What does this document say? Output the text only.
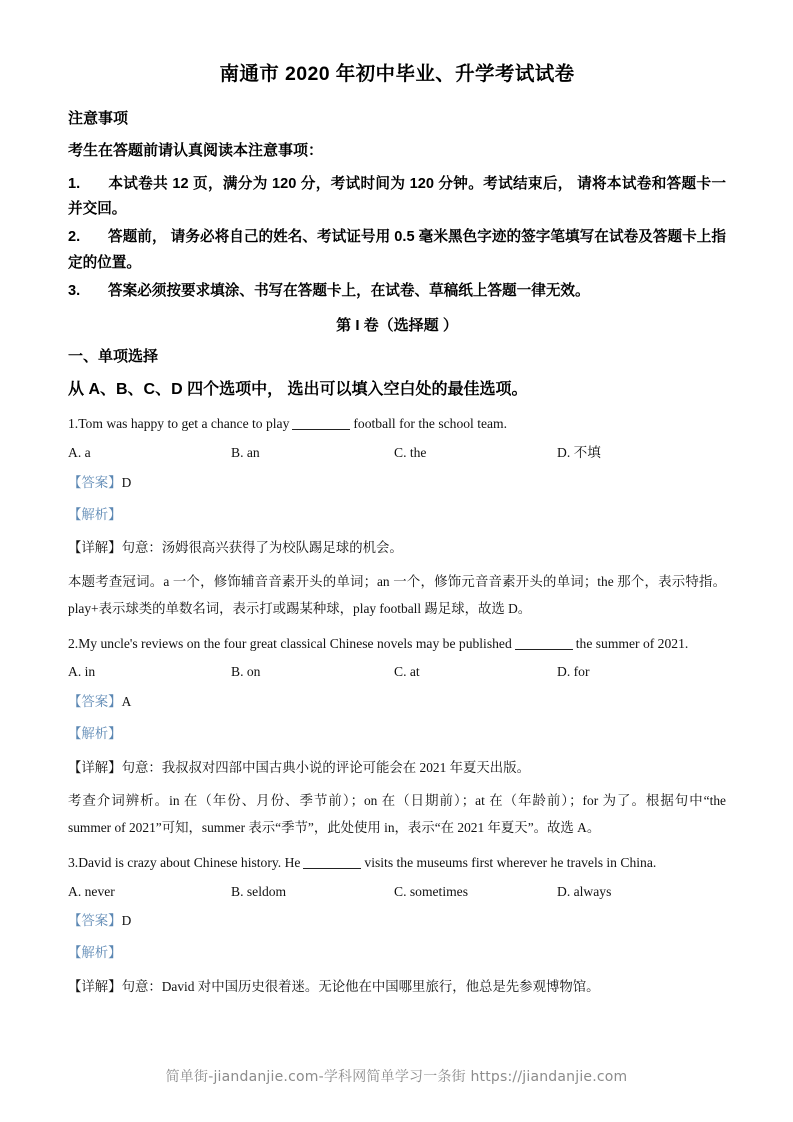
南通市 2020 年初中毕业、升学考试试卷
注意事项
考生在答题前请认真阅读本注意事项：

1. 本试卷共 12 页，满分为 120 分，考试时间为 120 分钟。考试结束后， 请将本试卷和答题卡一并交回。

2. 答题前， 请务必将自己的姓名、考试证号用 0.5 毫米黑色字迹的签字笔填写在试卷及答题卡上指定的位置。

3. 答案必须按要求填涂、书写在答题卡上，在试卷、草稿纸上答题一律无效。

第 I 卷（选择题 ）
一、单项选择
从 A、B、C、D 四个选项中， 选出可以填入空白处的最佳选项。

1.Tom was happy to get a chance to play	football for the school team.

A. a	B. an	C. the	D. 不填

【答案】D

【解析】

【详解】句意：汤姆很高兴获得了为校队踢足球的机会。

本题考查冠词。a 一个，修饰辅音音素开头的单词；an 一个，修饰元音音素开头的单词；the 那个，表示特指。play+表示球类的单数名词，表示打或踢某种球，play football 踢足球，故选 D。

2.My uncle's reviews on the four great classical Chinese novels may be published	the summer of 2021.

A. in	B. on	C. at	D. for

【答案】A

【解析】

【详解】句意：我叔叔对四部中国古典小说的评论可能会在 2021 年夏天出版。

考查介词辨析。in 在（年份、月份、季节前）；on 在（日期前）；at 在（年龄前）；for 为了。根据句中“the summer of 2021”可知，summer 表示“季节”，此处使用 in，表示“在 2021 年夏天”。故选 A。

3.David is crazy about Chinese history. He	visits the museums first wherever he travels in China.

A. never	B. seldom	C. sometimes	D. always

【答案】D

【解析】

【详解】句意：David 对中国历史很着迷。无论他在中国哪里旅行，他总是先参观博物馆。

简单街-jiandanjie.com-学科网简单学习一条街 https://jiandanjie.com
